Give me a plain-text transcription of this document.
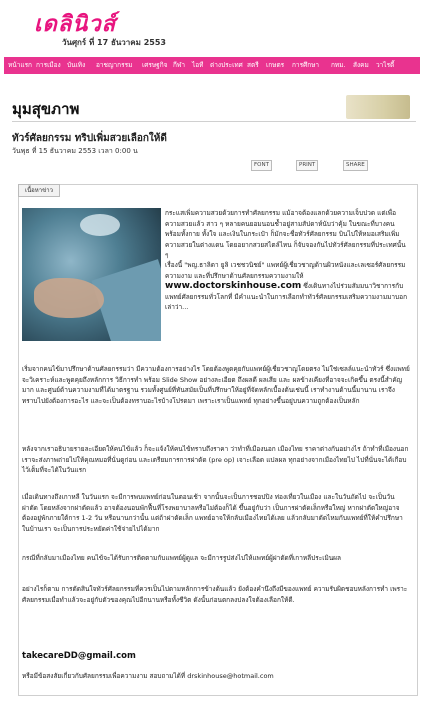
เดลินิวส์
วันศุกร์ ที่ 17 ธันวาคม 2553
หน้าแรก การเมือง บันเทิง อาชญากรรม เศรษฐกิจ กีฬา ไอที ต่างประเทศ สตรี เกษตร การศึกษา กทม. สังคม วาไรตี้
มุมสุขภาพ
ทัวร์ศัลยกรรม ทริปเพิ่มสวยเลือกให้ดี
วันพุธ ที่ 15 ธันวาคม 2553 เวลา 0:00 น
FONT	PRINT	SHARE
เนื้อหาข่าว
กระแสเพิ่มความสวยด้วยการทำศัลยกรรม แม้อาจต้องแลกด้วยความเจ็บปวด แต่เพื่อความสวยแล้ว สาว ๆ หลายคนยอมนอนช้ำอยู่สามสัปดาห์นับว่าคุ้ม ในขณะที่บางคนพร้อมทั้งกาย ทั้งใจ และเงินในกระเป๋า ก็มักจะชื่อทัวร์ศัลยกรรม บินไปให้หมอเสริมเพิ่มความสวยในต่างแดน โดยอยากสวยสไตล์ไหน ก็จับจองกันไปทัวร์ศัลยกรรมที่ประเทศนั้น ๆ
เรื่องนี้ "พญ.ธาลิดา ยูลิ เวชชวนิชย์" แพทย์ผู้เชี่ยวชาญด้านผิวหนังและเลเซอร์ศัลยกรรมความงาม และที่ปรึกษาด้านศัลยกรรมความงามให้ www.doctorskinhouse.com ซึ่งเดินทางไปร่วมสัมมนาวิชาการกับแพทย์ศัลยกรรมทั่วโลกที่ มีคำแนะนำในการเลือกทำทัวร์ศัลยกรรมเสริมความงามมาบอกเล่าว่า...
เริ่มจากคนไข้มาปรึกษาด้านศัลยกรรมว่า มีความต้องการอย่างไร โดยต้องพูดคุยกับแพทย์ผู้เชี่ยวชาญโดยตรง ไม่ใช่เซลล์แนะนำทัวร์ ซึ่งแพทย์จะวิเคราะห์และพูดคุยถึงหลักการ วิธีการทำ พร้อม Slide Show อย่างละเอียด ถึงผลดี ผลเสีย และ ผลข้างเคียงที่อาจจะเกิดขึ้น ตรงนี้สำคัญมาก และศูนย์ด้านความงามที่ได้มาตรฐาน รวมทั้งศูนย์ที่ทันสมัยเป็นที่ปรึกษาให้อยู่ที่จัดหลักเบื้องต้นเช่นนี้ เราทำงานด้านนี้มานาน เราจึงทราบไปยังต้องการอะไร และจะเป็นต้องทราบอะไรบ้างโปรดมา เพราะเราเป็นแพทย์ ทุกอย่างขึ้นอยู่บนความถูกต้องเป็นหลัก
หลังจากเราอธิบายรายละเอียดให้คนไข้แล้ว ก็จะแจ้งให้คนไข้ทราบถึงราคา ว่าทำที่เมืองนอก เมืองไทย ราคาต่างกันอย่างไร ถ้าทำที่เมืองนอก เราจะส่งภาพถ่ายไปให้คุณหมอที่นั่นดูก่อน และเตรียมการการผ่าตัด (pre op) เจาะเลือด แปลผล ทุกอย่างจากเมืองไทยไป ไปที่นั่นจะได้เกือบไว้เต็มที่จะได้ในวันแรก
เมื่อเดินทางถึงเกาหลี ในวันแรก จะมีการพบแพทย์ก่อนในตอนเช้า จากนั้นจะเป็นการชอปปิง ท่องเที่ยวในเมือง และในวันถัดไป จะเป็นวันผ่าตัด โดยหลังจากผ่าตัดแล้ว อาจต้องนอนพักฟื้นที่โรงพยาบาลหรือไม่ต้องก็ได้ ขึ้นอยู่กับว่า เป็นการผ่าตัดเล็กหรือใหญ่ หากผ่าตัดใหญ่อาจต้องอยู่พักภายใต้การ 1-2 วัน หรือนานกว่านั้น แต่ถ้าผ่าตัดเล็ก แพทย์อาจให้กลับเมืองไทยได้เลย แล้วกลับมาตัดไหมกับแพทย์ที่ให้คำปรึกษาในบ้านเรา จะเป็นการประหยัดค่าใช้จ่ายไปได้มาก
กรณีที่กลับมาเมืองไทย คนไข้จะได้รับการติดตามกับแพทย์ผู้ดูแล จะมีการรูปส่งไปให้แพทย์ผู้ผ่าตัดที่เกาหลีประเมินผล
อย่างไรก็ตาม การตัดสินใจทัวร์ศัลยกรรมที่ควรเป็นไปตามหลักการข้างต้นแล้ว ยังต้องคำนึงถึงมีของแพทย์ ความรับผิดชอบหลังการทำ เพราะศัลยกรรมเมื่อทำแล้วจะอยู่กับตัวของคุณไปอีกนานหรือทั้งชีวิต ดังนั้นก่อนตกลงปลงใจต้องเลือกให้ดี.
takecareDD@gmail.com
หรือมีข้อสงสัยเกี่ยวกับศัลยกรรมเพื่อความงาม สอบถามได้ที่ drskinhouse@hotmail.com
